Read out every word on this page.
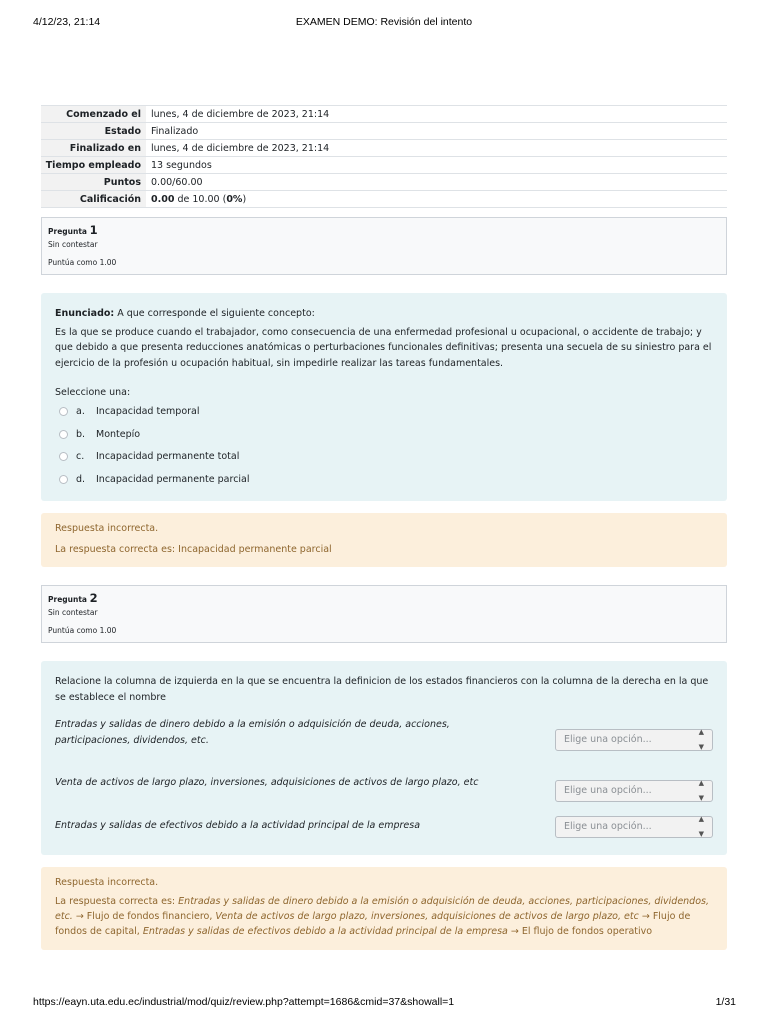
4/12/23, 21:14	EXAMEN DEMO: Revisión del intento
Comenzado el	lunes, 4 de diciembre de 2023, 21:14
Estado	Finalizado
Finalizado en	lunes, 4 de diciembre de 2023, 21:14
Tiempo empleado	13 segundos
Puntos	0.00/60.00
Calificación	0.00 de 10.00 (0%)
Pregunta 1
Sin contestar
Puntúa como 1.00
Enunciado: A que corresponde el siguiente concepto:
Es la que se produce cuando el trabajador, como consecuencia de una enfermedad profesional u ocupacional, o accidente de trabajo; y que debido a que presenta reducciones anatómicas o perturbaciones funcionales definitivas; presenta una secuela de su siniestro para el ejercicio de la profesión u ocupación habitual, sin impedirle realizar las tareas fundamentales.
Seleccione una:
a.	Incapacidad temporal
b.	Montepío
c.	Incapacidad permanente total
d.	Incapacidad permanente parcial
Respuesta incorrecta.
La respuesta correcta es: Incapacidad permanente parcial
Pregunta 2
Sin contestar
Puntúa como 1.00
Relacione la columna de izquierda en la que se encuentra la definicion de los estados financieros con la columna de la derecha en la que se establece el nombre
Entradas y salidas de dinero debido a la emisión o adquisición de deuda, acciones, participaciones, dividendos, etc.	Elige una opción...
▲
▼
Venta de activos de largo plazo, inversiones, adquisiciones de activos de largo plazo, etc
Elige una opción...
▲
▼
Entradas y salidas de efectivos debido a la actividad principal de la empresa	Elige una opción...
▲
▼
Respuesta incorrecta.
La respuesta correcta es: Entradas y salidas de dinero debido a la emisión o adquisición de deuda, acciones, participaciones, dividendos, etc. → Flujo de fondos financiero, Venta de activos de largo plazo, inversiones, adquisiciones de activos de largo plazo, etc → Flujo de fondos de capital, Entradas y salidas de efectivos debido a la actividad principal de la empresa → El flujo de fondos operativo
https://eayn.uta.edu.ec/industrial/mod/quiz/review.php?attempt=1686&cmid=37&showall=1	1/31
